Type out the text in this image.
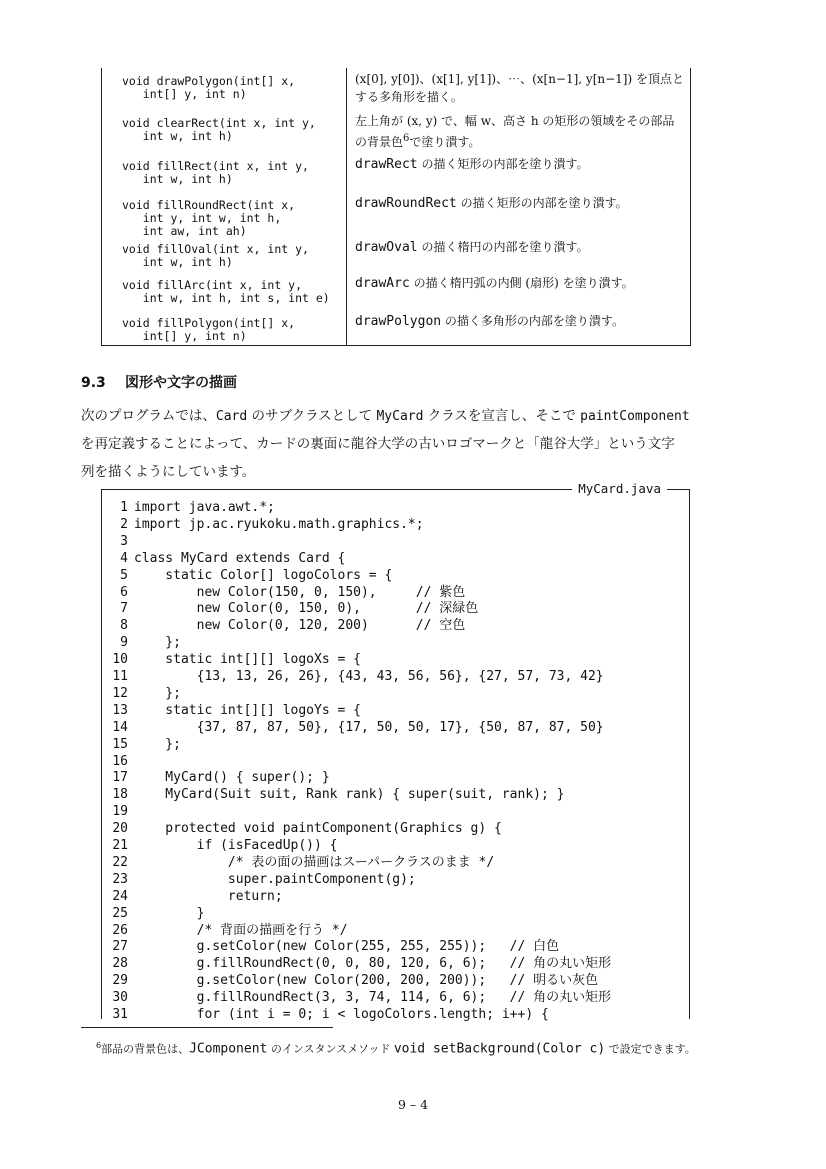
void drawPolygon(int[] x,
int[] y, int n)
(x[0], y[0])、(x[1], y[1])、⋯、(x[n−1], y[n−1]) を頂点とする多角形を描く。
void clearRect(int x, int y,
int w, int h)
左上角が (x, y) で、幅 w、高さ h の矩形の領域をその部品の背景色$^6$で塗り潰す。
void fillRect(int x, int y,
int w, int h)
drawRect の描く矩形の内部を塗り潰す。
void fillRoundRect(int x,
int y, int w, int h,
int aw, int ah)
drawRoundRect の描く矩形の内部を塗り潰す。
void fillOval(int x, int y,
int w, int h)
drawOval の描く楕円の内部を塗り潰す。
void fillArc(int x, int y,
int w, int h, int s, int e)
drawArc の描く楕円弧の内側 (扇形) を塗り潰す。
void fillPolygon(int[] x,
int[] y, int n)
drawPolygon の描く多角形の内部を塗り潰す。
9.3 図形や文字の描画
次のプログラムでは、Card のサブクラスとして MyCard クラスを宣言し、そこで paintComponent
を再定義することによって、カードの裏面に龍谷大学の古いロゴマークと「龍谷大学」という文字
列を描くようにしています。
MyCard.java
1 import java.awt.*;
2 import jp.ac.ryukoku.math.graphics.*;
3
4 class MyCard extends Card {
5    static Color[] logoColors = {
6        new Color(150, 0, 150),     // 紫色
7        new Color(0, 150, 0),       // 深緑色
8        new Color(0, 120, 200)      // 空色
9    };
10    static int[][] logoXs = {
11        {13, 13, 26, 26}, {43, 43, 56, 56}, {27, 57, 73, 42}
12    };
13    static int[][] logoYs = {
14        {37, 87, 87, 50}, {17, 50, 50, 17}, {50, 87, 87, 50}
15    };
16
17    MyCard() { super(); }
18    MyCard(Suit suit, Rank rank) { super(suit, rank); }
19
20    protected void paintComponent(Graphics g) {
21        if (isFacedUp()) {
22            /* 表の面の描画はスーパークラスのまま */
23            super.paintComponent(g);
24            return;
25        }
26        /* 背面の描画を行う */
27        g.setColor(new Color(255, 255, 255));   // 白色
28        g.fillRoundRect(0, 0, 80, 120, 6, 6);   // 角の丸い矩形
29        g.setColor(new Color(200, 200, 200));   // 明るい灰色
30        g.fillRoundRect(3, 3, 74, 114, 6, 6);   // 角の丸い矩形
31        for (int i = 0; i < logoColors.length; i++) {
$^6$部品の背景色は、JComponent のインスタンスメソッド void setBackground(Color c) で設定できます。
9 – 4
